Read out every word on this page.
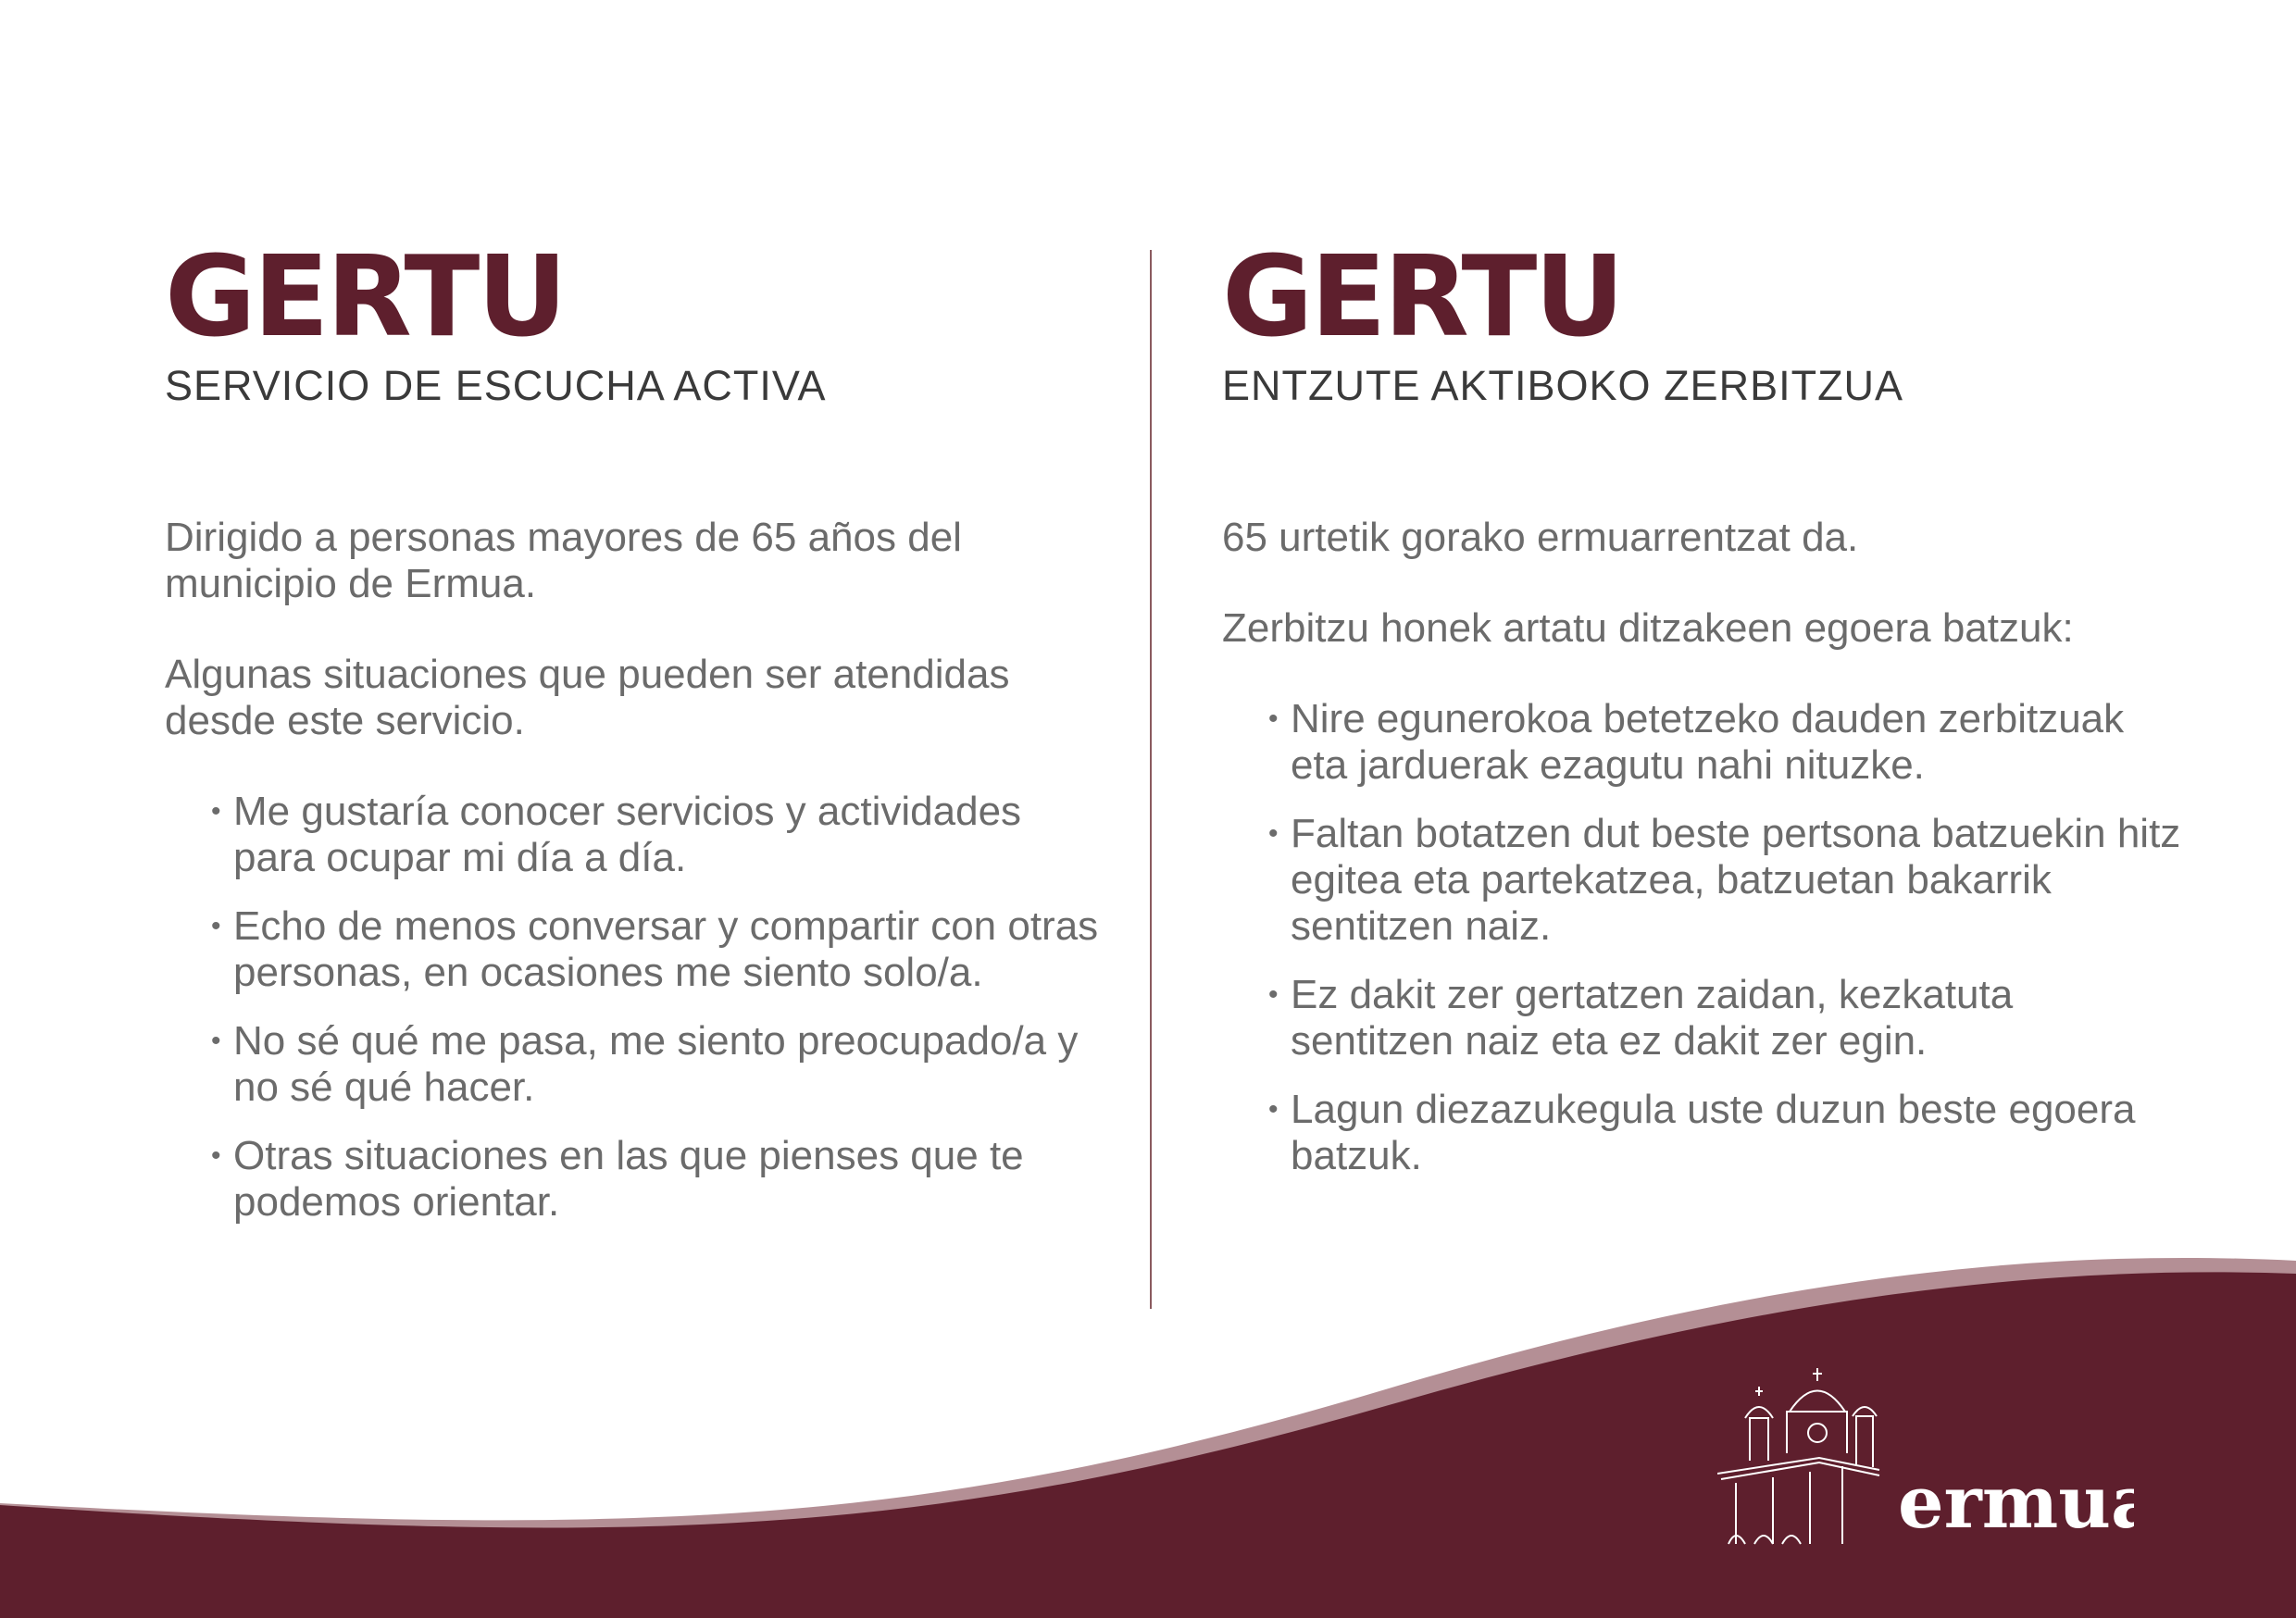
GERTU
SERVICIO DE ESCUCHA ACTIVA

Dirigido a personas mayores de 65 años del municipio de Ermua.

Algunas situaciones que pueden ser atendidas desde este servicio.

• Me gustaría conocer servicios y actividades para ocupar mi día a día.
• Echo de menos conversar y compartir con otras personas, en ocasiones me siento solo/a.
• No sé qué me pasa, me siento preocupado/a y no sé qué hacer.
• Otras situaciones en las que pienses que te podemos orientar.
GERTU
ENTZUTE AKTIBOKO ZERBITZUA

65 urtetik gorako ermuarrentzat da.

Zerbitzu honek artatu ditzakeen egoera batzuk:

• Nire egunerokoa betetzeko dauden zerbitzuak eta jarduerak ezagutu nahi nituzke.
• Faltan botatzen dut beste pertsona batzuekin hitz egitea eta partekatzea, batzuetan bakarrik sentitzen naiz.
• Ez dakit zer gertatzen zaidan, kezkatuta sentitzen naiz eta ez dakit zer egin.
• Lagun diezazukegula uste duzun beste egoera batzuk.
ermua
